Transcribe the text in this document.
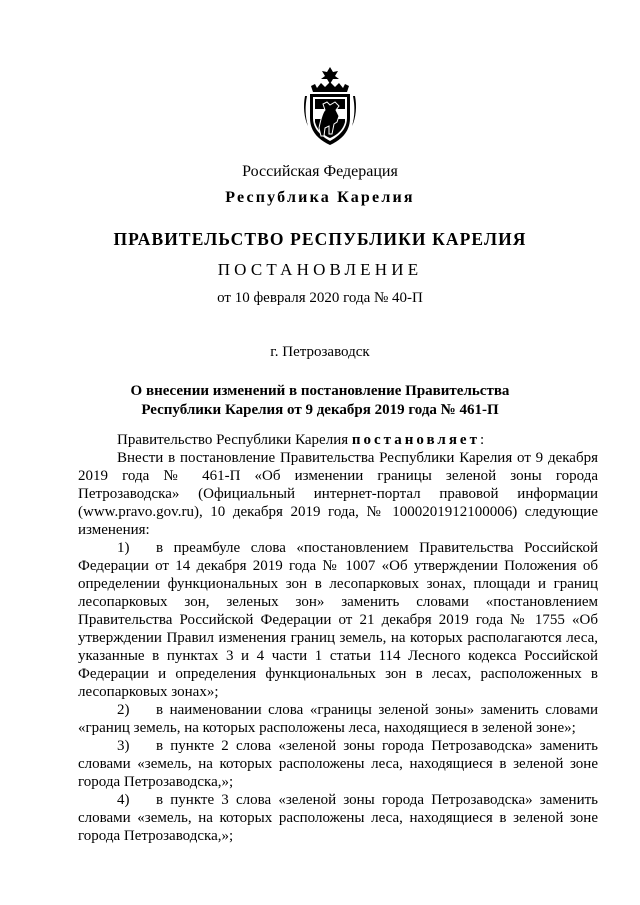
Российская Федерация
Республика Карелия
ПРАВИТЕЛЬСТВО РЕСПУБЛИКИ КАРЕЛИЯ
ПОСТАНОВЛЕНИЕ
от 10 февраля 2020 года № 40-П
г. Петрозаводск
О внесении изменений в постановление Правительства
Республики Карелия от 9 декабря 2019 года № 461-П

Правительство Республики Карелия постановляет:

Внести в постановление Правительства Республики Карелия от 9 декабря 2019 года № 461-П «Об изменении границы зеленой зоны города Петрозаводска» (Официальный интернет-портал правовой информации (www.pravo.gov.ru), 10 декабря 2019 года, № 1000201912100006) следующие изменения:

1) в преамбуле слова «постановлением Правительства Российской Федерации от 14 декабря 2019 года № 1007 «Об утверждении Положения об определении функциональных зон в лесопарковых зонах, площади и границ лесопарковых зон, зеленых зон» заменить словами «постановлением Правительства Российской Федерации от 21 декабря 2019 года № 1755 «Об утверждении Правил изменения границ земель, на которых располагаются леса, указанные в пунктах 3 и 4 части 1 статьи 114 Лесного кодекса Российской Федерации и определения функциональных зон в лесах, расположенных в лесопарковых зонах»;

2) в наименовании слова «границы зеленой зоны» заменить словами «границ земель, на которых расположены леса, находящиеся в зеленой зоне»;

3) в пункте 2 слова «зеленой зоны города Петрозаводска» заменить словами «земель, на которых расположены леса, находящиеся в зеленой зоне города Петрозаводска,»;

4) в пункте 3 слова «зеленой зоны города Петрозаводска» заменить словами «земель, на которых расположены леса, находящиеся в зеленой зоне города Петрозаводска,»;
